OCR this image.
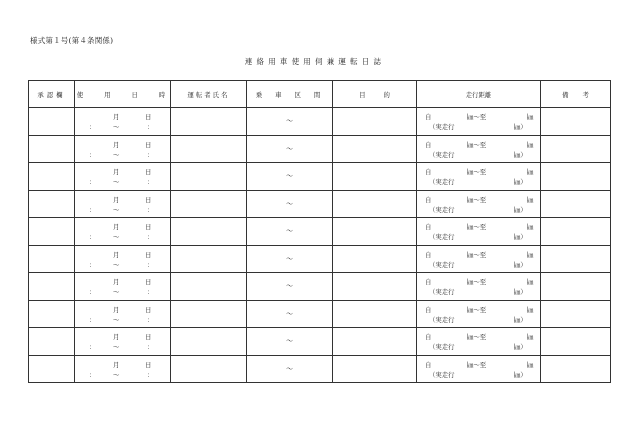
様式第１号(第４条関係)
連絡用車使用伺兼運転日誌
承認欄	使 用 日 時	運転者氏名	乗 車 区 間	目 的	走行距離	備 考

	月 日
： ～ ：		～		自 ㎞～至 ㎞
（実走行 ㎞）	

	月 日
： ～ ：		～		自 ㎞～至 ㎞
（実走行 ㎞）	

	月 日
： ～ ：		～		自 ㎞～至 ㎞
（実走行 ㎞）	

	月 日
： ～ ：		～		自 ㎞～至 ㎞
（実走行 ㎞）	

	月 日
： ～ ：		～		自 ㎞～至 ㎞
（実走行 ㎞）	

	月 日
： ～ ：		～		自 ㎞～至 ㎞
（実走行 ㎞）	

	月 日
： ～ ：		～		自 ㎞～至 ㎞
（実走行 ㎞）	

	月 日
： ～ ：		～		自 ㎞～至 ㎞
（実走行 ㎞）	

	月 日
： ～ ：		～		自 ㎞～至 ㎞
（実走行 ㎞）	

	月 日
： ～ ：		～		自 ㎞～至 ㎞
（実走行 ㎞）	
